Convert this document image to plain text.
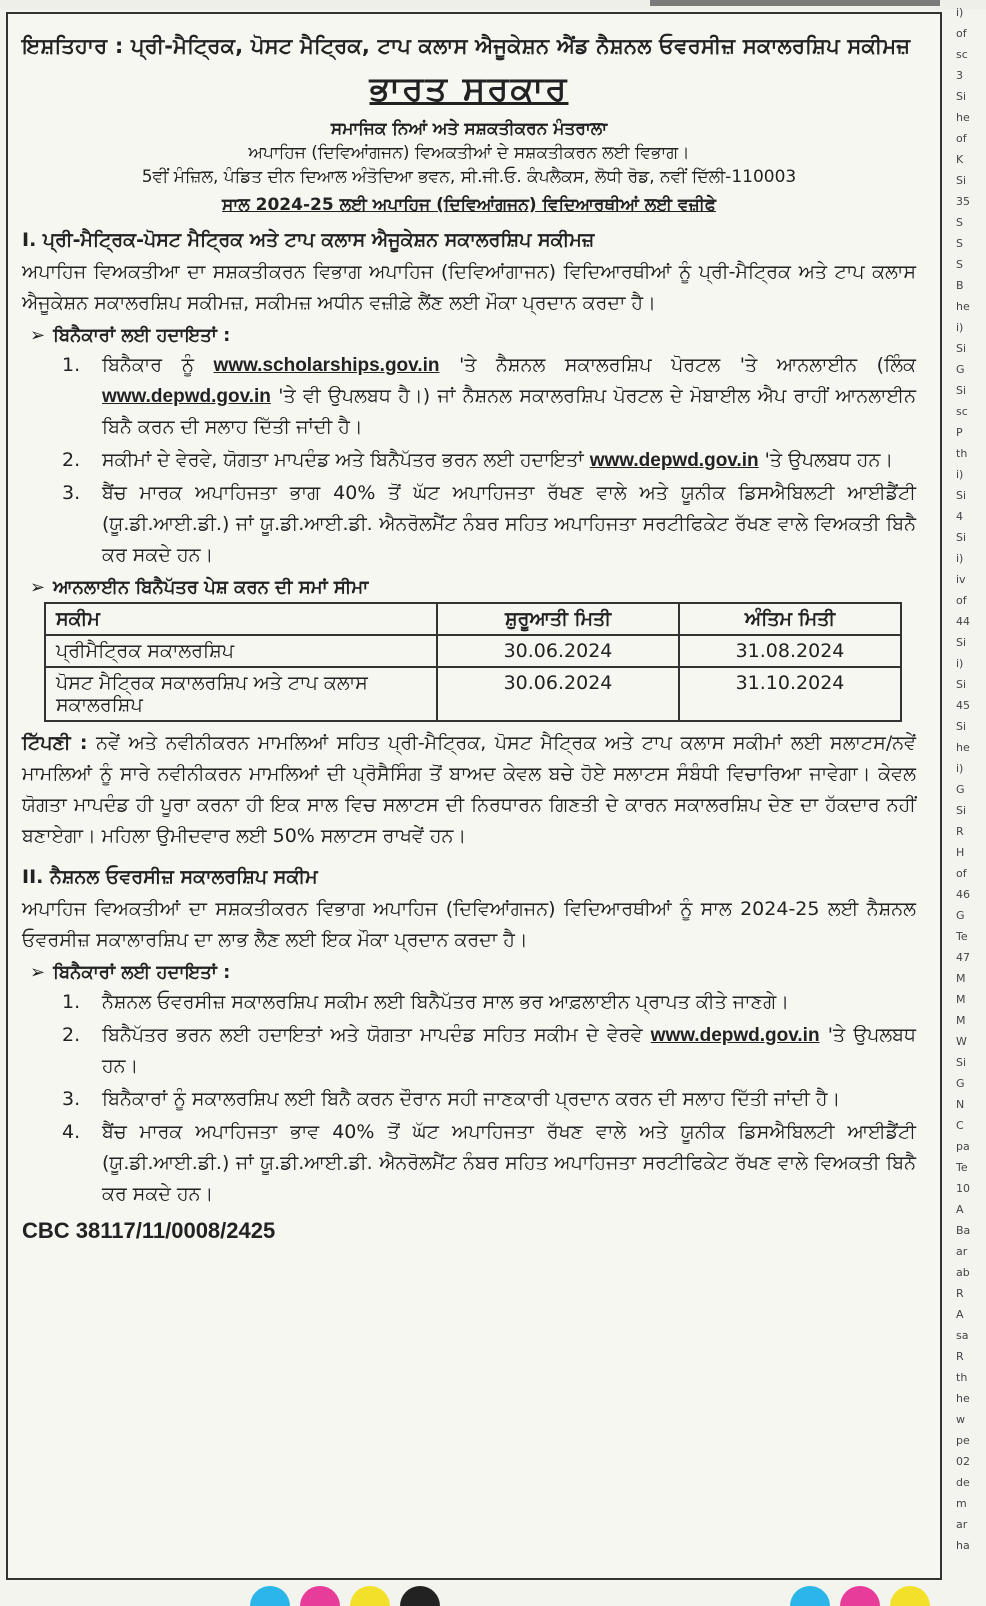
ਇਸ਼ਤਿਹਾਰ : ਪ੍ਰੀ-ਮੈਟ੍ਰਿਕ, ਪੋਸਟ ਮੈਟ੍ਰਿਕ, ਟਾਪ ਕਲਾਸ ਐਜੂਕੇਸ਼ਨ ਐਂਡ ਨੈਸ਼ਨਲ ਓਵਰਸੀਜ਼ ਸਕਾਲਰਸ਼ਿਪ ਸਕੀਮਜ਼
ਭਾਰਤ ਸਰਕਾਰ
ਸਮਾਜਿਕ ਨਿਆਂ ਅਤੇ ਸਸ਼ਕਤੀਕਰਨ ਮੰਤਰਾਲਾ
ਅਪਾਹਿਜ (ਦਿਵਿਆਂਗਜਨ) ਵਿਅਕਤੀਆਂ ਦੇ ਸਸ਼ਕਤੀਕਰਨ ਲਈ ਵਿਭਾਗ।
5ਵੀਂ ਮੰਜ਼ਿਲ, ਪੰਡਿਤ ਦੀਨ ਦਿਆਲ ਅੰਤੋਦਿਆ ਭਵਨ, ਸੀ.ਜੀ.ਓ. ਕੰਪਲੈਕਸ, ਲੋਧੀ ਰੋਡ, ਨਵੀਂ ਦਿੱਲੀ-110003
ਸਾਲ 2024-25 ਲਈ ਅਪਾਹਿਜ (ਦਿਵਿਆਂਗਜਨ) ਵਿਦਿਆਰਥੀਆਂ ਲਈ ਵਜ਼ੀਫੇ
I. ਪ੍ਰੀ-ਮੈਟ੍ਰਿਕ-ਪੋਸਟ ਮੈਟ੍ਰਿਕ ਅਤੇ ਟਾਪ ਕਲਾਸ ਐਜੂਕੇਸ਼ਨ ਸਕਾਲਰਸ਼ਿਪ ਸਕੀਮਜ਼

ਅਪਾਹਿਜ ਵਿਅਕਤੀਆ ਦਾ ਸਸ਼ਕਤੀਕਰਨ ਵਿਭਾਗ ਅਪਾਹਿਜ (ਦਿਵਿਆਂਗਾਜਨ) ਵਿਦਿਆਰਥੀਆਂ ਨੂੰ ਪ੍ਰੀ-ਮੈਟ੍ਰਿਕ ਅਤੇ ਟਾਪ ਕਲਾਸ ਐਜੂਕੇਸ਼ਨ ਸਕਾਲਰਸ਼ਿਪ ਸਕੀਮਜ਼, ਸਕੀਮਜ਼ ਅਧੀਨ ਵਜ਼ੀਫ਼ੇ ਲੈਂਣ ਲਈ ਮੌਕਾ ਪ੍ਰਦਾਨ ਕਰਦਾ ਹੈ।

➢ ਬਿਨੈਕਾਰਾਂ ਲਈ ਹਦਾਇਤਾਂ :
1.	ਬਿਨੈਕਾਰ ਨੂੰ www.scholarships.gov.in 'ਤੇ ਨੈਸ਼ਨਲ ਸਕਾਲਰਸ਼ਿਪ ਪੋਰਟਲ 'ਤੇ ਆਨਲਾਈਨ (ਲਿੰਕ www.depwd.gov.in 'ਤੇ ਵੀ ਉਪਲਬਧ ਹੈ।) ਜਾਂ ਨੈਸ਼ਨਲ ਸਕਾਲਰਸ਼ਿਪ ਪੋਰਟਲ ਦੇ ਮੋਬਾਈਲ ਐਪ ਰਾਹੀਂ ਆਨਲਾਈਨ ਬਿਨੈ ਕਰਨ ਦੀ ਸਲਾਹ ਦਿੱਤੀ ਜਾਂਦੀ ਹੈ।
2.	ਸਕੀਮਾਂ ਦੇ ਵੇਰਵੇ, ਯੋਗਤਾ ਮਾਪਦੰਡ ਅਤੇ ਬਿਨੈਪੱਤਰ ਭਰਨ ਲਈ ਹਦਾਇਤਾਂ www.depwd.gov.in 'ਤੇ ਉਪਲਬਧ ਹਨ।
3.	ਬੈਂਚ ਮਾਰਕ ਅਪਾਹਿਜਤਾ ਭਾਗ 40% ਤੋਂ ਘੱਟ ਅਪਾਹਿਜਤਾ ਰੱਖਣ ਵਾਲੇ ਅਤੇ ਯੂਨੀਕ ਡਿਸਐਬਿਲਟੀ ਆਈਡੈਂਟੀ (ਯੂ.ਡੀ.ਆਈ.ਡੀ.) ਜਾਂ ਯੂ.ਡੀ.ਆਈ.ਡੀ. ਐਨਰੋਲਮੈਂਟ ਨੰਬਰ ਸਹਿਤ ਅਪਾਹਿਜਤਾ ਸਰਟੀਫਿਕੇਟ ਰੱਖਣ ਵਾਲੇ ਵਿਅਕਤੀ ਬਿਨੈ ਕਰ ਸਕਦੇ ਹਨ।
➢ ਆਨਲਾਈਨ ਬਿਨੈਪੱਤਰ ਪੇਸ਼ ਕਰਨ ਦੀ ਸਮਾਂ ਸੀਮਾ
ਸਕੀਮ	ਸ਼ੁਰੂਆਤੀ ਮਿਤੀ	ਅੰਤਿਮ ਮਿਤੀ
ਪ੍ਰੀਮੈਟ੍ਰਿਕ ਸਕਾਲਰਸ਼ਿਪ	30.06.2024	31.08.2024
ਪੋਸਟ ਮੈਟ੍ਰਿਕ ਸਕਾਲਰਸ਼ਿਪ ਅਤੇ ਟਾਪ ਕਲਾਸ ਸਕਾਲਰਸ਼ਿਪ	30.06.2024	31.10.2024

ਟਿੱਪਣੀ : ਨਵੇਂ ਅਤੇ ਨਵੀਨੀਕਰਨ ਮਾਮਲਿਆਂ ਸਹਿਤ ਪ੍ਰੀ-ਮੈਟ੍ਰਿਕ, ਪੋਸਟ ਮੈਟ੍ਰਿਕ ਅਤੇ ਟਾਪ ਕਲਾਸ ਸਕੀਮਾਂ ਲਈ ਸਲਾਟਸ/ਨਵੇਂ ਮਾਮਲਿਆਂ ਨੂੰ ਸਾਰੇ ਨਵੀਨੀਕਰਨ ਮਾਮਲਿਆਂ ਦੀ ਪ੍ਰੋਸੈਸਿੰਗ ਤੋਂ ਬਾਅਦ ਕੇਵਲ ਬਚੇ ਹੋਏ ਸਲਾਟਸ ਸੰਬੰਧੀ ਵਿਚਾਰਿਆ ਜਾਵੇਗਾ। ਕੇਵਲ ਯੋਗਤਾ ਮਾਪਦੰਡ ਹੀ ਪੂਰਾ ਕਰਨਾ ਹੀ ਇਕ ਸਾਲ ਵਿਚ ਸਲਾਟਸ ਦੀ ਨਿਰਧਾਰਨ ਗਿਣਤੀ ਦੇ ਕਾਰਨ ਸਕਾਲਰਸ਼ਿਪ ਦੇਣ ਦਾ ਹੱਕਦਾਰ ਨਹੀਂ ਬਣਾਏਗਾ। ਮਹਿਲਾ ਉਮੀਦਵਾਰ ਲਈ 50% ਸਲਾਟਸ ਰਾਖਵੇਂ ਹਨ।

II. ਨੈਸ਼ਨਲ ਓਵਰਸੀਜ਼ ਸਕਾਲਰਸ਼ਿਪ ਸਕੀਮ

ਅਪਾਹਿਜ ਵਿਅਕਤੀਆਂ ਦਾ ਸਸ਼ਕਤੀਕਰਨ ਵਿਭਾਗ ਅਪਾਹਿਜ (ਦਿਵਿਆਂਗਜਨ) ਵਿਦਿਆਰਥੀਆਂ ਨੂੰ ਸਾਲ 2024-25 ਲਈ ਨੈਸ਼ਨਲ ਓਵਰਸੀਜ਼ ਸਕਾਲਾਰਸ਼ਿਪ ਦਾ ਲਾਭ ਲੈਣ ਲਈ ਇਕ ਮੌਕਾ ਪ੍ਰਦਾਨ ਕਰਦਾ ਹੈ।

➢ ਬਿਨੈਕਾਰਾਂ ਲਈ ਹਦਾਇਤਾਂ :
1.	ਨੈਸ਼ਨਲ ਓਵਰਸੀਜ਼ ਸਕਾਲਰਸ਼ਿਪ ਸਕੀਮ ਲਈ ਬਿਨੈਪੱਤਰ ਸਾਲ ਭਰ ਆਫ਼ਲਾਈਨ ਪ੍ਰਾਪਤ ਕੀਤੇ ਜਾਣਗੇ।
2.	ਬਿਨੈਪੱਤਰ ਭਰਨ ਲਈ ਹਦਾਇਤਾਂ ਅਤੇ ਯੋਗਤਾ ਮਾਪਦੰਡ ਸਹਿਤ ਸਕੀਮ ਦੇ ਵੇਰਵੇ www.depwd.gov.in 'ਤੇ ਉਪਲਬਧ ਹਨ।
3.	ਬਿਨੈਕਾਰਾਂ ਨੂੰ ਸਕਾਲਰਸ਼ਿਪ ਲਈ ਬਿਨੈ ਕਰਨ ਦੌਰਾਨ ਸਹੀ ਜਾਣਕਾਰੀ ਪ੍ਰਦਾਨ ਕਰਨ ਦੀ ਸਲਾਹ ਦਿੱਤੀ ਜਾਂਦੀ ਹੈ।
4.	ਬੈਂਚ ਮਾਰਕ ਅਪਾਹਿਜਤਾ ਭਾਵ 40% ਤੋਂ ਘੱਟ ਅਪਾਹਿਜਤਾ ਰੱਖਣ ਵਾਲੇ ਅਤੇ ਯੂਨੀਕ ਡਿਸਐਬਿਲਟੀ ਆਈਡੈਂਟੀ (ਯੂ.ਡੀ.ਆਈ.ਡੀ.) ਜਾਂ ਯੂ.ਡੀ.ਆਈ.ਡੀ. ਐਨਰੋਲਮੈਂਟ ਨੰਬਰ ਸਹਿਤ ਅਪਾਹਿਜਤਾ ਸਰਟੀਫਿਕੇਟ ਰੱਖਣ ਵਾਲੇ ਵਿਅਕਤੀ ਬਿਨੈ ਕਰ ਸਕਦੇ ਹਨ।
CBC 38117/11/0008/2425
i)
of
sc
3
Si
he
of
K
Si
35
S
S
S
B
he
i)
Si
G
Si
sc
P
th
i)
Si
4
Si
i)
iv
of
44
Si
i)
Si
45
Si
he
i)
G
Si
R
H
of
46
G
Te
47
M
M
M
W
Si
G
N
C
pa
Te
10
A
Ba
ar
ab
R
A
sa
R
th
he
w
pe
02
de
m
ar
ha
